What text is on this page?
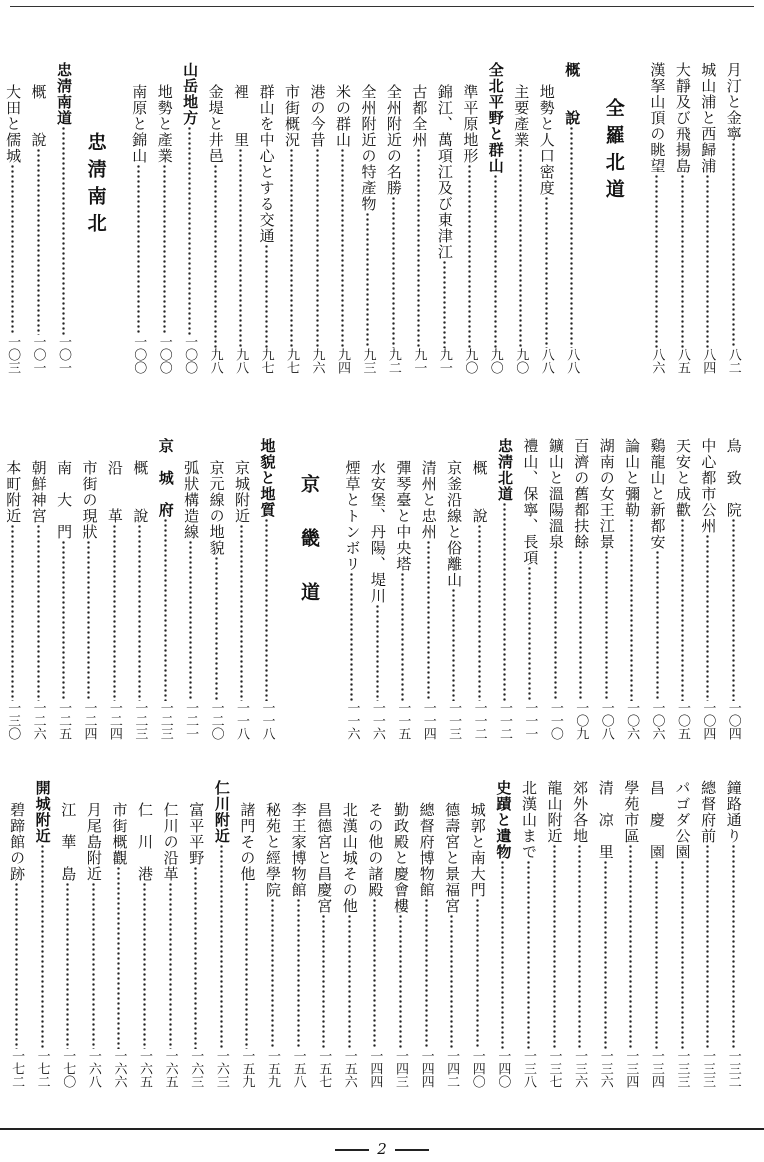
月汀と金寧
八二
城山浦と西歸浦
八四
大靜及び飛揚島
八五
漢拏山頂の眺望
八六
全羅北道
概　　說
八八
地勢と人口密度
八八
主要產業
九〇
全北平野と群山
九〇
準平原地形
九〇
錦江、萬項江及び東津江
九一
古都全州
九一
全州附近の名勝
九二
全州附近の特產物
九三
米の群山
九四
港の今昔
九六
市街概況
九七
群山を中心とする交通
九七
裡　　里
九八
金堤と井邑
九八
山岳地方
一〇〇
地勢と產業
一〇〇
南原と錦山
一〇〇
忠淸南北
忠淸南道
一〇一
概　　說
一〇一
大田と儒城
一〇三
鳥　致　院
一〇四
中心都市公州
一〇四
天安と成歡
一〇五
鷄龍山と新都安
一〇六
論山と彌勒
一〇六
湖南の女王江景
一〇八
百濟の舊都扶餘
一〇九
鑛山と溫陽溫泉
一一〇
禮山、保寧、長項
一一一
忠淸北道
一一二
概　　說
一一二
京釜沿線と俗離山
一一三
清州と忠州
一一四
彈琴臺と中央塔
一一五
水安堡、丹陽、堤川
一一六
煙草とトンボリ
一一六
京　畿　道
地貌と地質
一一八
京城附近
一一八
京元線の地貌
一二〇
弧狀構造線
一二一
京　城　府
一二三
概　　說
一二三
沿　　革
一二四
市街の現狀
一二四
南　大　門
一二五
朝鮮神宮
一二六
本町附近
一三〇
鐘路通り
一三二
總督府前
一三三
パゴダ公園
一三三
昌　慶　園
一三四
學苑市區
一三四
清　凉　里
一三六
郊外各地
一三六
龍山附近
一三七
北漢山まで
一三八
史蹟と遺物
一四〇
城郭と南大門
一四〇
德壽宮と景福宮
一四二
總督府博物館
一四四
勤政殿と慶會樓
一四三
その他の諸殿
一四四
北漢山城その他
一五六
昌德宮と昌慶宮
一五七
李王家博物館
一五八
秘苑と經學院
一五九
諸門その他
一五九
仁川附近
一六三
富平平野
一六三
仁川の沿革
一六五
仁　川　港
一六五
市街概觀
一六六
月尾島附近
一六八
江　華　島
一七〇
開城附近
一七二
碧蹄館の跡
一七二
2
